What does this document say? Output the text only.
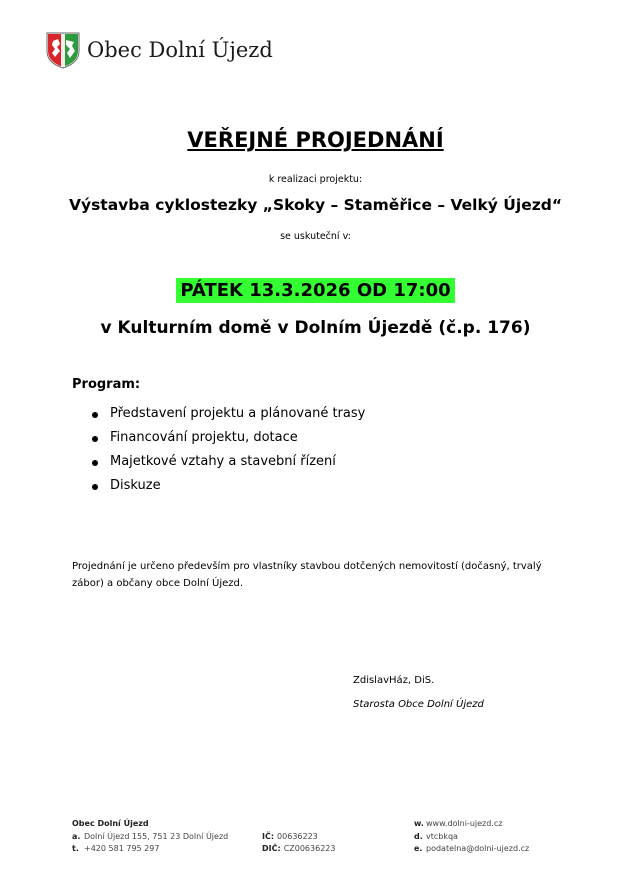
Obec Dolní Újezd
VEŘEJNÉ PROJEDNÁNÍ
k realizaci projektu:
Výstavba cyklostezky „Skoky – Staměřice – Velký Újezd“
se uskuteční v:
PÁTEK 13.3.2026 OD 17:00
v Kulturním domě v Dolním Újezdě (č.p. 176)
Program:
Představení projektu a plánované trasy
Financování projektu, dotace
Majetkové vztahy a stavební řízení
Diskuze
Projednání je určeno především pro vlastníky stavbou dotčených nemovitostí (dočasný, trvalý zábor) a občany obce Dolní Újezd.
ZdislavHáz, DiS.
Starosta Obce Dolní Újezd
Obec Dolní Újezd
a. Dolní Újezd 155, 751 23 Dolní Újezd
t. +420 581 795 297
IČ: 00636223
DIČ: CZ00636223
w. www.dolni-ujezd.cz
d. vtcbkqa
e. podatelna@dolni-ujezd.cz
